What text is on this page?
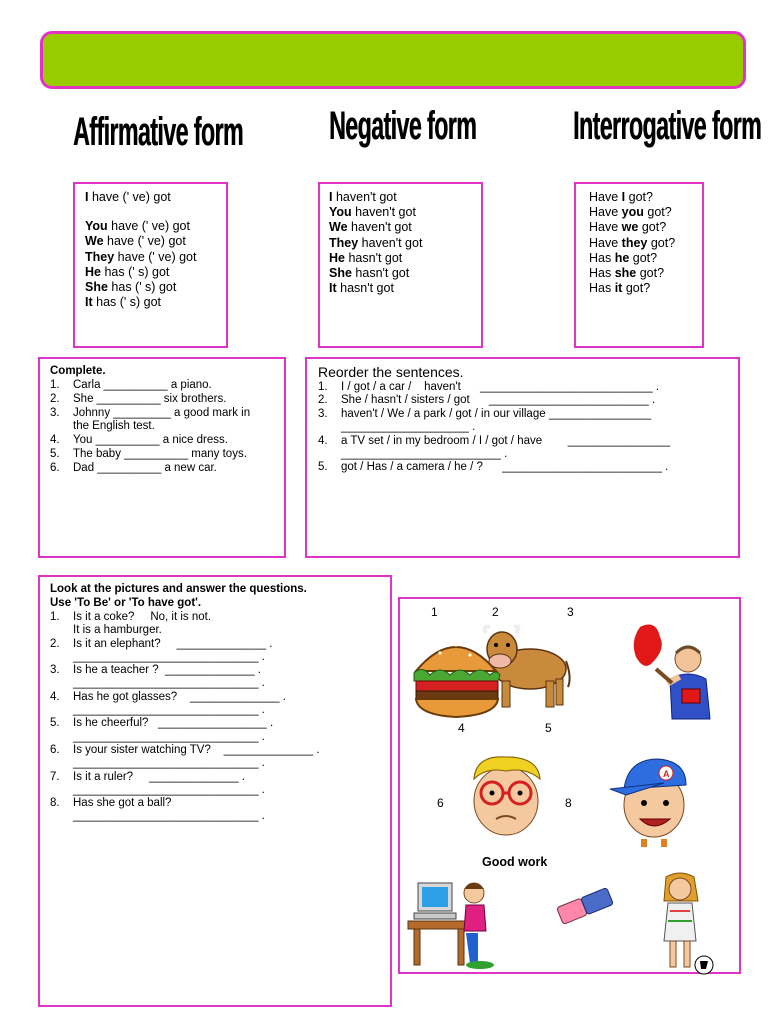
Affirmative form Negative form Interrogative form
I have (' ve) got
You have (' ve) got
We have (' ve) got
They have (' ve) got
He has (' s) got
She has (' s) got
It has (' s) got
I haven't got
You haven't got
We haven't got
They haven't got
He hasn't got
She hasn't got
It hasn't got
Have I got?
Have you got?
Have we got?
Have they got?
Has he got?
Has she got?
Has it got?
Complete.
1.	Carla __________ a piano.
2.	She __________ six brothers.
3.	Johnny _________ a good mark in
the English test.
4.	You __________ a nice dress.
5.	The baby __________ many toys.
6.	Dad __________ a new car.
Reorder the sentences.
1.	I / got / a car /    haven't      ___________________________ .
2.	She / hasn't / sisters / got      _________________________ .
3.	haven't / We / a park / got / in our village ________________
____________________ .
4.	a TV set / in my bedroom / I / got / have        ________________
_________________________ .
5.	got / Has / a camera / he / ?      _________________________ .
Look at the pictures and answer the questions.
Use 'To Be' or 'To have got'.
1.	Is it a coke?     No, it is not.
It is a hamburger.
2.	Is it an elephant?     ______________ .
_____________________________ .
3.	Is he a teacher ?  ______________ .
_____________________________ .
4.	Has he got glasses?    ______________ .
_____________________________ .
5.	Is he cheerful?   _________________ .
_____________________________ .
6.	Is your sister watching TV?    ______________ .
_____________________________ .
7.	Is it a ruler?     ______________ .
_____________________________ .
8.	Has she got a ball?
_____________________________ .
1	2	3
4	5
6	8
Good work
A
